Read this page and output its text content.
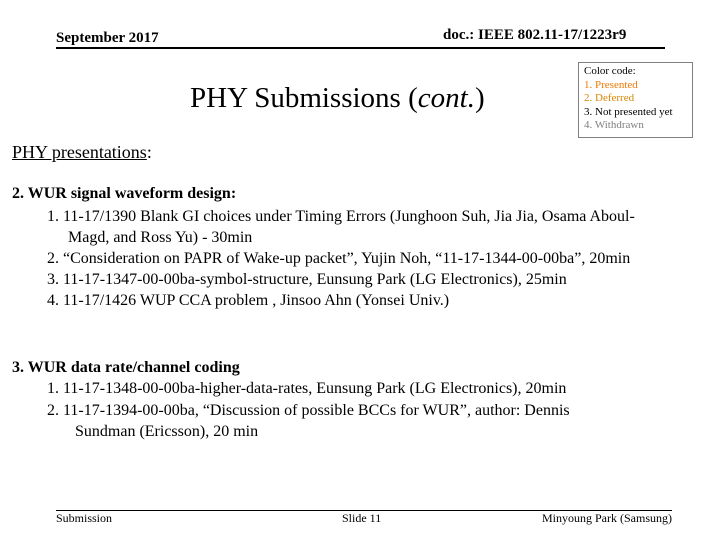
September 2017	doc.: IEEE 802.11-17/1223r9
PHY Submissions (cont.)
Color code:
1. Presented
2. Deferred
3. Not presented yet
4. Withdrawn
PHY presentations:
2. WUR signal waveform design:
1. 11-17/1390 Blank GI choices under Timing Errors (Junghoon Suh, Jia Jia, Osama Aboul-
Magd, and Ross Yu) - 30min
2. “Consideration on PAPR of Wake-up packet”, Yujin Noh, “11-17-1344-00-00ba”, 20min
3. 11-17-1347-00-00ba-symbol-structure, Eunsung Park (LG Electronics), 25min
4. 11-17/1426 WUP CCA problem , Jinsoo Ahn (Yonsei Univ.)
3. WUR data rate/channel coding
1. 11-17-1348-00-00ba-higher-data-rates, Eunsung Park (LG Electronics), 20min
2. 11-17-1394-00-00ba, “Discussion of possible BCCs for WUR”, author: Dennis
Sundman (Ericsson), 20 min
Submission	Slide 11	Minyoung Park (Samsung)
